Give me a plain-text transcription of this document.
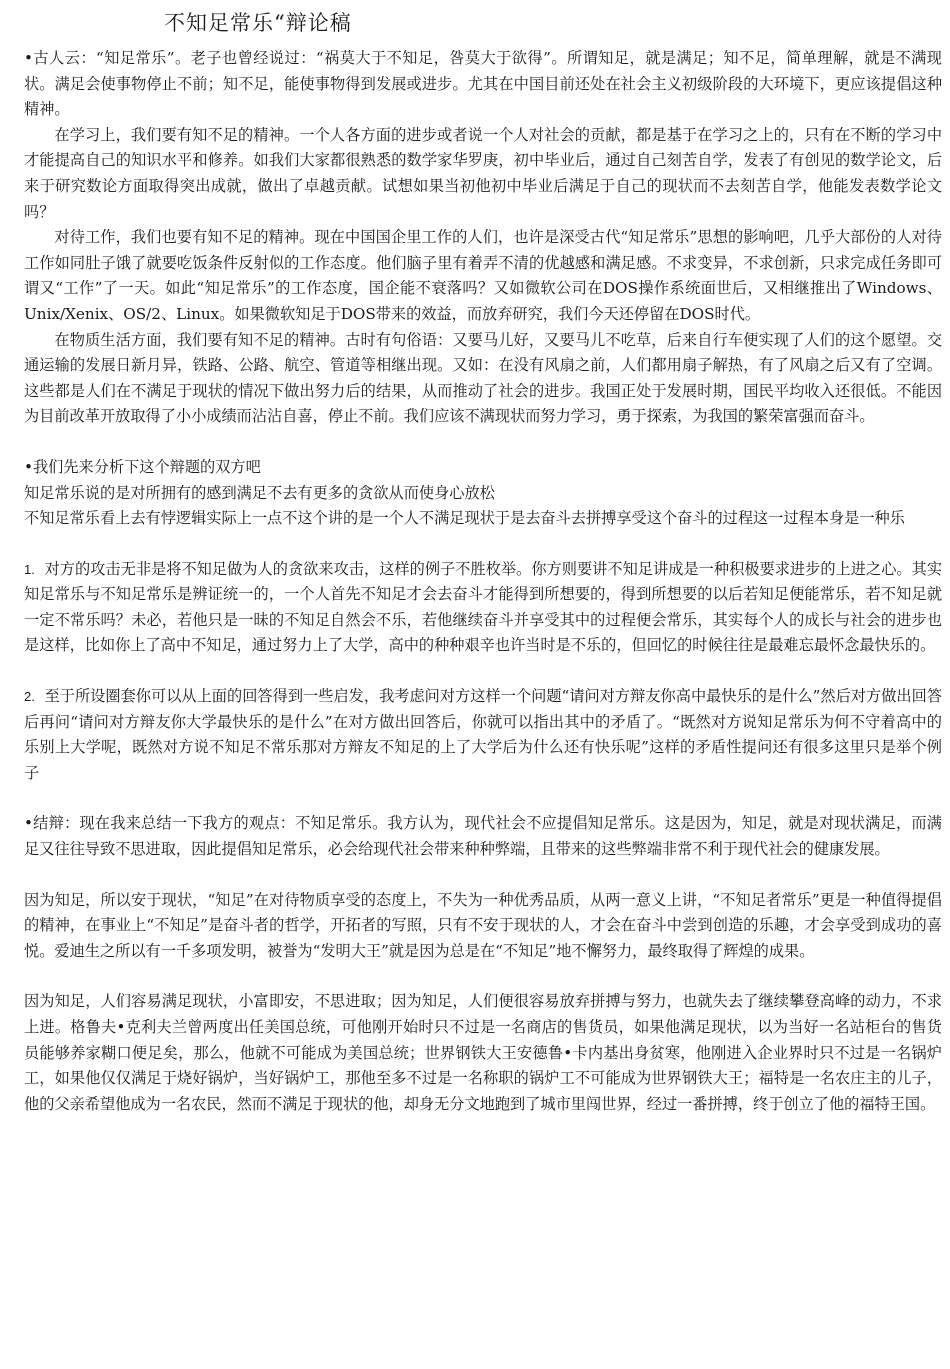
不知足常乐“辩论稿

•古人云：“知足常乐”。老子也曾经说过：“祸莫大于不知足，咎莫大于欲得”。所谓知足，就是满足；知不足，简单理解，就是不满现状。满足会使事物停止不前；知不足，能使事物得到发展或进步。尤其在中国目前还处在社会主义初级阶段的大环境下，更应该提倡这种精神。

在学习上，我们要有知不足的精神。一个人各方面的进步或者说一个人对社会的贡献，都是基于在学习之上的，只有在不断的学习中才能提高自己的知识水平和修养。如我们大家都很熟悉的数学家华罗庚，初中毕业后，通过自己刻苦自学，发表了有创见的数学论文，后来于研究数论方面取得突出成就，做出了卓越贡献。试想如果当初他初中毕业后满足于自己的现状而不去刻苦自学，他能发表数学论文吗？

对待工作，我们也要有知不足的精神。现在中国国企里工作的人们，也许是深受古代“知足常乐”思想的影响吧，几乎大部份的人对待工作如同肚子饿了就要吃饭条件反射似的工作态度。他们脑子里有着弄不清的优越感和满足感。不求变异，不求创新，只求完成任务即可谓又“工作”了一天。如此“知足常乐”的工作态度，国企能不衰落吗？又如微软公司在DOS操作系统面世后，又相继推出了Windows、Unix/Xenix、OS/2、Linux。如果微软知足于DOS带来的效益，而放弃研究，我们今天还停留在DOS时代。

在物质生活方面，我们要有知不足的精神。古时有句俗语：又要马儿好，又要马儿不吃草，后来自行车便实现了人们的这个愿望。交通运输的发展日新月异，铁路、公路、航空、管道等相继出现。又如：在没有风扇之前，人们都用扇子解热，有了风扇之后又有了空调。这些都是人们在不满足于现状的情况下做出努力后的结果，从而推动了社会的进步。我国正处于发展时期，国民平均收入还很低。不能因为目前改革开放取得了小小成绩而沾沾自喜，停止不前。我们应该不满现状而努力学习，勇于探索，为我国的繁荣富强而奋斗。

•我们先来分析下这个辩题的双方吧

知足常乐说的是对所拥有的感到满足不去有更多的贪欲从而使身心放松

不知足常乐看上去有悖逻辑实际上一点不这个讲的是一个人不满足现状于是去奋斗去拼搏享受这个奋斗的过程这一过程本身是一种乐

1. 对方的攻击无非是将不知足做为人的贪欲来攻击，这样的例子不胜枚举。你方则要讲不知足讲成是一种积极要求进步的上进之心。其实知足常乐与不知足常乐是辨证统一的，一个人首先不知足才会去奋斗才能得到所想要的，得到所想要的以后若知足便能常乐，若不知足就一定不常乐吗？未必，若他只是一昧的不知足自然会不乐，若他继续奋斗并享受其中的过程便会常乐，其实每个人的成长与社会的进步也是这样，比如你上了高中不知足，通过努力上了大学，高中的种种艰辛也许当时是不乐的，但回忆的时候往往是最难忘最怀念最快乐的。

2. 至于所设圈套你可以从上面的回答得到一些启发，我考虑问对方这样一个问题“请问对方辩友你高中最快乐的是什么”然后对方做出回答后再问“请问对方辩友你大学最快乐的是什么”在对方做出回答后，你就可以指出其中的矛盾了。“既然对方说知足常乐为何不守着高中的乐别上大学呢，既然对方说不知足不常乐那对方辩友不知足的上了大学后为什么还有快乐呢”这样的矛盾性提问还有很多这里只是举个例子

•结辩：现在我来总结一下我方的观点：不知足常乐。我方认为，现代社会不应提倡知足常乐。这是因为，知足，就是对现状满足，而满足又往往导致不思进取，因此提倡知足常乐，必会给现代社会带来种种弊端，且带来的这些弊端非常不利于现代社会的健康发展。

因为知足，所以安于现状，“知足”在对待物质享受的态度上，不失为一种优秀品质，从两一意义上讲，“不知足者常乐”更是一种值得提倡的精神，在事业上“不知足”是奋斗者的哲学，开拓者的写照，只有不安于现状的人，才会在奋斗中尝到创造的乐趣，才会享受到成功的喜悦。爱迪生之所以有一千多项发明，被誉为“发明大王”就是因为总是在“不知足”地不懈努力，最终取得了辉煌的成果。

因为知足，人们容易满足现状，小富即安，不思进取；因为知足，人们便很容易放弃拼搏与努力，也就失去了继续攀登高峰的动力，不求上进。格鲁夫•克利夫兰曾两度出任美国总统，可他刚开始时只不过是一名商店的售货员，如果他满足现状，以为当好一名站柜台的售货员能够养家糊口便足矣，那么，他就不可能成为美国总统；世界钢铁大王安德鲁•卡内基出身贫寒，他刚进入企业界时只不过是一名锅炉工，如果他仅仅满足于烧好锅炉，当好锅炉工，那他至多不过是一名称职的锅炉工不可能成为世界钢铁大王；福特是一名农庄主的儿子，他的父亲希望他成为一名农民，然而不满足于现状的他，却身无分文地跑到了城市里闯世界，经过一番拼搏，终于创立了他的福特王国。
